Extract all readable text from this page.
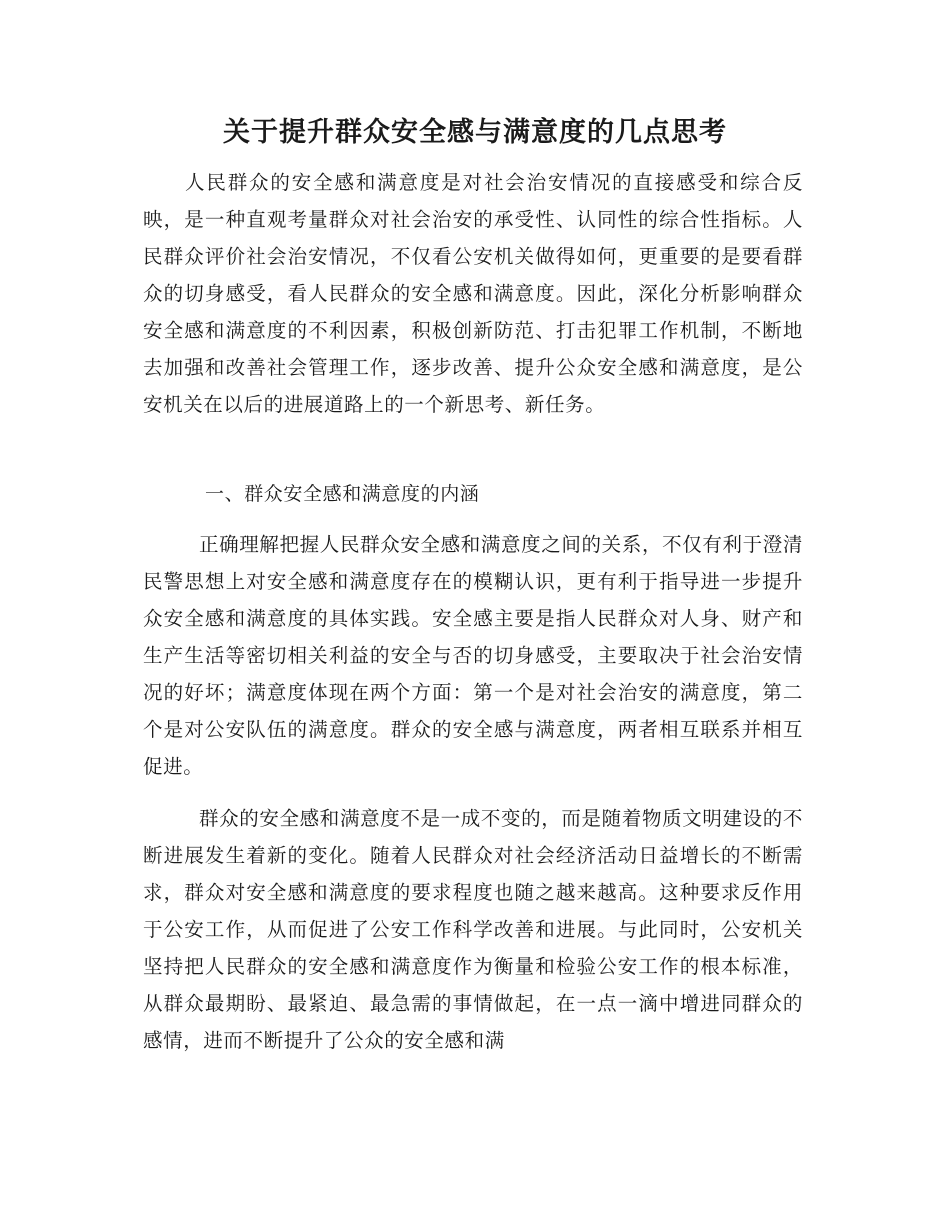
关于提升群众安全感与满意度的几点思考

人民群众的安全感和满意度是对社会治安情况的直接感受和综合反映，是一种直观考量群众对社会治安的承受性、认同性的综合性指标。人民群众评价社会治安情况，不仅看公安机关做得如何，更重要的是要看群众的切身感受，看人民群众的安全感和满意度。因此，深化分析影响群众安全感和满意度的不利因素，积极创新防范、打击犯罪工作机制，不断地去加强和改善社会管理工作，逐步改善、提升公众安全感和满意度，是公安机关在以后的进展道路上的一个新思考、新任务。

一、群众安全感和满意度的内涵

正确理解把握人民群众安全感和满意度之间的关系，不仅有利于澄清民警思想上对安全感和满意度存在的模糊认识，更有利于指导进一步提升众安全感和满意度的具体实践。安全感主要是指人民群众对人身、财产和生产生活等密切相关利益的安全与否的切身感受，主要取决于社会治安情况的好坏；满意度体现在两个方面：第一个是对社会治安的满意度，第二个是对公安队伍的满意度。群众的安全感与满意度，两者相互联系并相互促进。

群众的安全感和满意度不是一成不变的，而是随着物质文明建设的不断进展发生着新的变化。随着人民群众对社会经济活动日益增长的不断需求，群众对安全感和满意度的要求程度也随之越来越高。这种要求反作用于公安工作，从而促进了公安工作科学改善和进展。与此同时，公安机关坚持把人民群众的安全感和满意度作为衡量和检验公安工作的根本标准，从群众最期盼、最紧迫、最急需的事情做起，在一点一滴中增进同群众的感情，进而不断提升了公众的安全感和满
